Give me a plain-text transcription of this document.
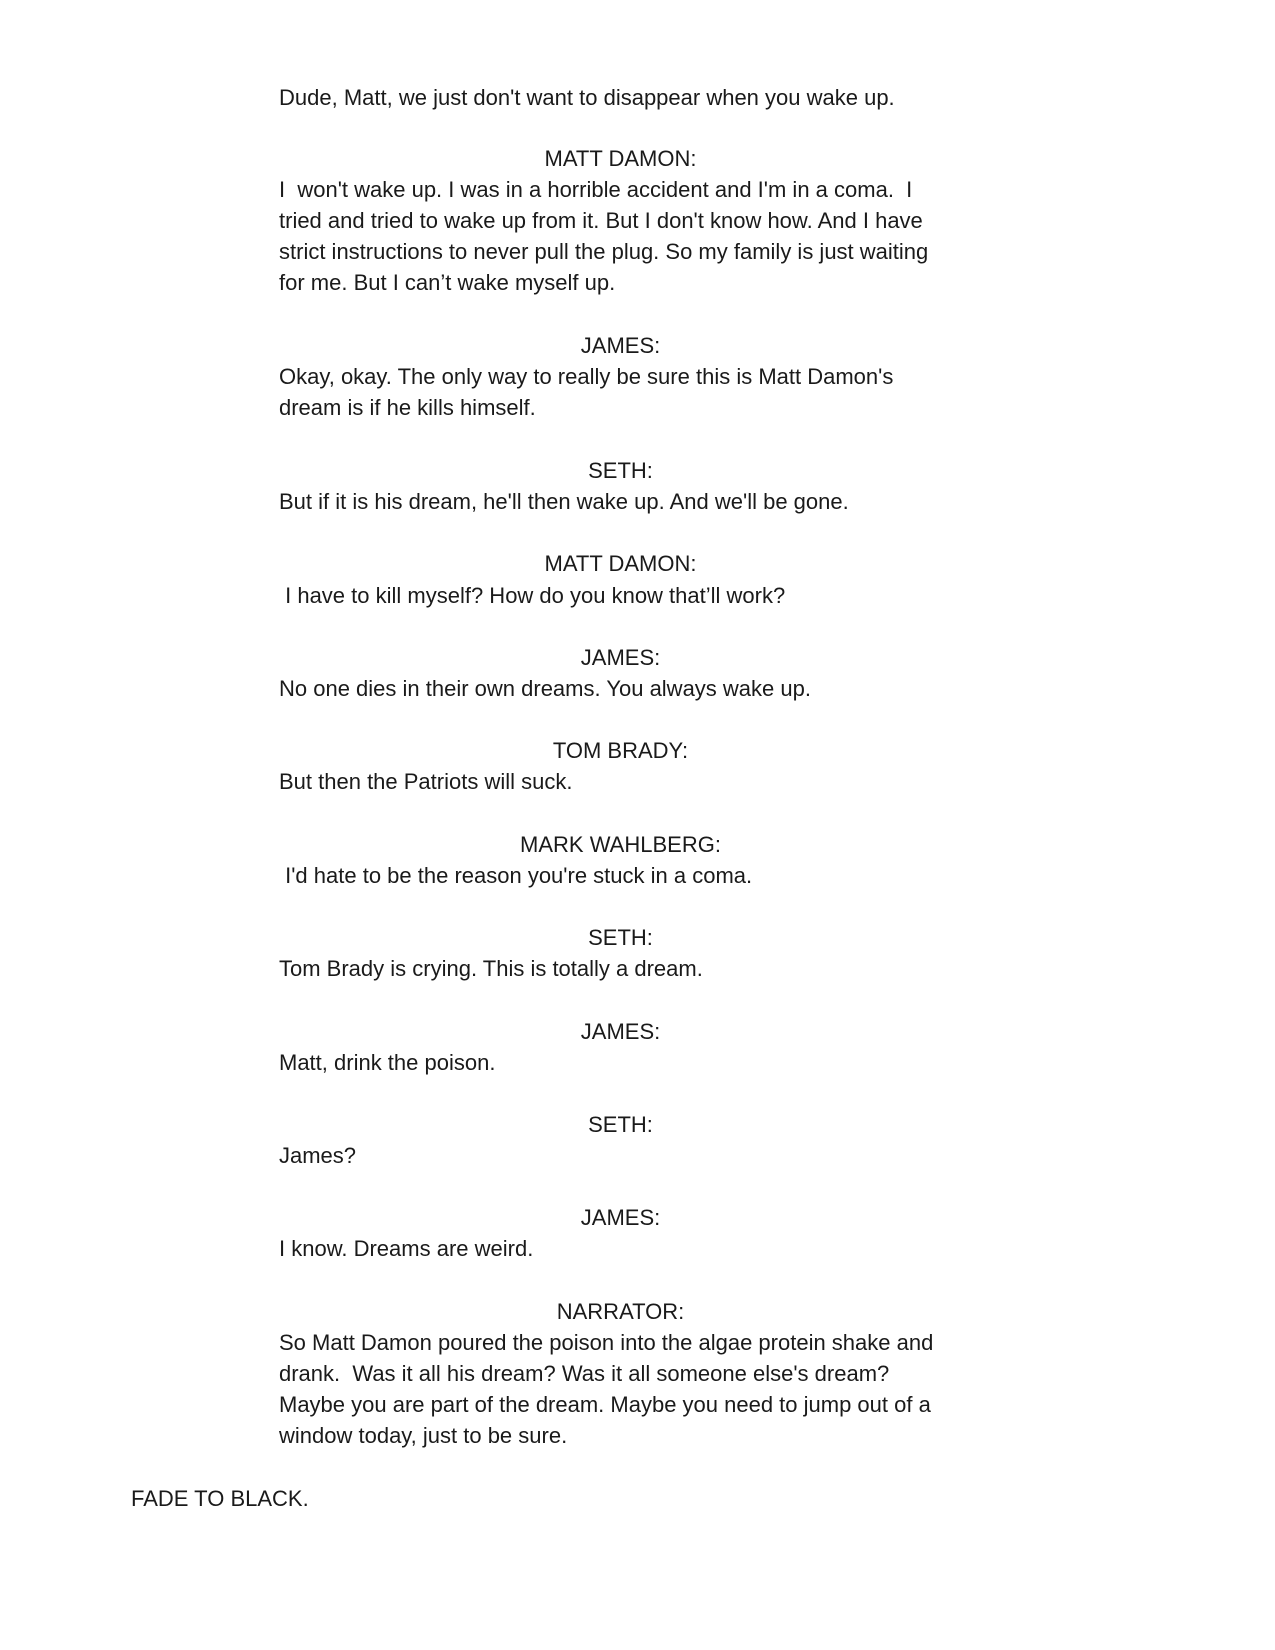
Dude, Matt, we just don't want to disappear when you wake up.
MATT DAMON:
I  won't wake up. I was in a horrible accident and I'm in a coma.  I
tried and tried to wake up from it. But I don't know how. And I have
strict instructions to never pull the plug. So my family is just waiting
for me. But I can’t wake myself up.
JAMES:
Okay, okay. The only way to really be sure this is Matt Damon's
dream is if he kills himself.
SETH:
But if it is his dream, he'll then wake up. And we'll be gone.
MATT DAMON:
I have to kill myself? How do you know that’ll work?
JAMES:
No one dies in their own dreams. You always wake up.
TOM BRADY:
But then the Patriots will suck.
MARK WAHLBERG:
I'd hate to be the reason you're stuck in a coma.
SETH:
Tom Brady is crying. This is totally a dream.
JAMES:
Matt, drink the poison.
SETH:
James?
JAMES:
I know. Dreams are weird.
NARRATOR:
So Matt Damon poured the poison into the algae protein shake and
drank.  Was it all his dream? Was it all someone else's dream?
Maybe you are part of the dream. Maybe you need to jump out of a
window today, just to be sure.
FADE TO BLACK.
